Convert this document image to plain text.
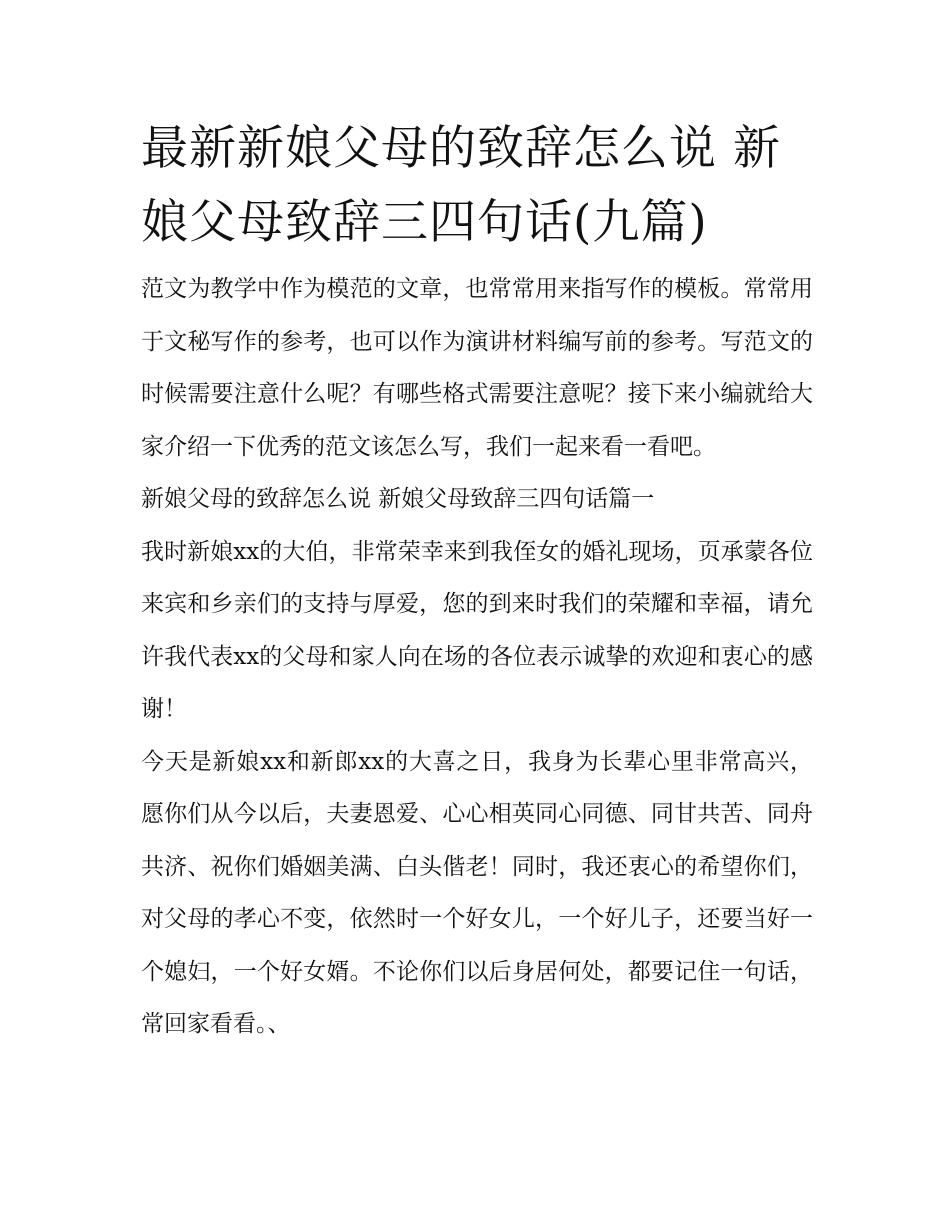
最新新娘父母的致辞怎么说 新娘父母致辞三四句话(九篇)

范文为教学中作为模范的文章，也常常用来指写作的模板。常常用于文秘写作的参考，也可以作为演讲材料编写前的参考。写范文的时候需要注意什么呢？有哪些格式需要注意呢？接下来小编就给大家介绍一下优秀的范文该怎么写，我们一起来看一看吧。

新娘父母的致辞怎么说 新娘父母致辞三四句话篇一

我时新娘xx的大伯，非常荣幸来到我侄女的婚礼现场，页承蒙各位来宾和乡亲们的支持与厚爱，您的到来时我们的荣耀和幸福，请允许我代表xx的父母和家人向在场的各位表示诚挚的欢迎和衷心的感谢！

今天是新娘xx和新郎xx的大喜之日，我身为长辈心里非常高兴，愿你们从今以后，夫妻恩爱、心心相英同心同德、同甘共苦、同舟共济、祝你们婚姻美满、白头偕老！同时，我还衷心的希望你们，对父母的孝心不变，依然时一个好女儿，一个好儿子，还要当好一个媳妇，一个好女婿。不论你们以后身居何处，都要记住一句话，常回家看看。、
